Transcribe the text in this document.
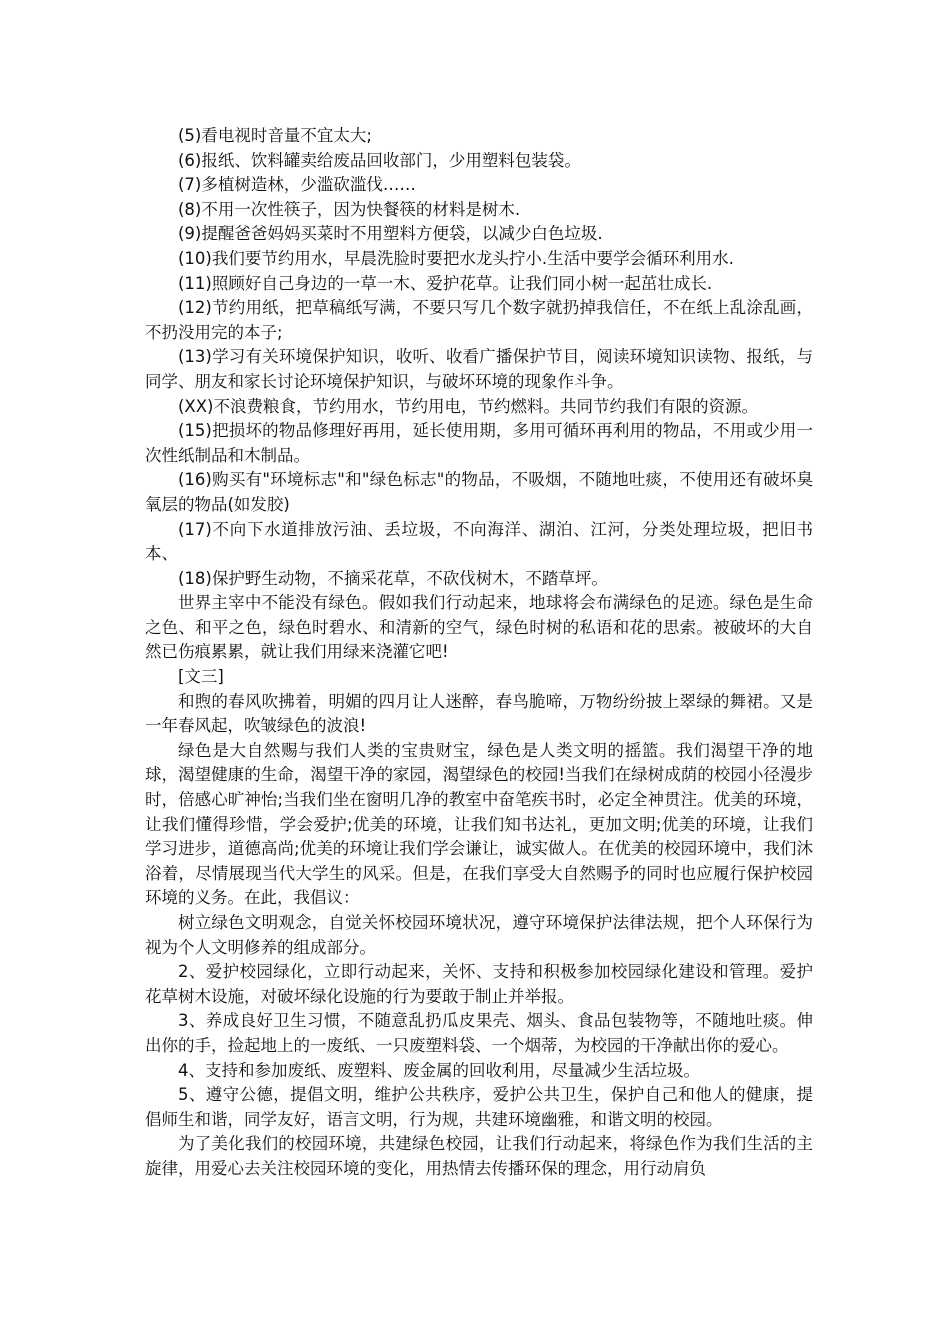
(5)看电视时音量不宜太大;

(6)报纸、饮料罐卖给废品回收部门，少用塑料包装袋。

(7)多植树造林，少滥砍滥伐……

(8)不用一次性筷子，因为快餐筷的材料是树木.

(9)提醒爸爸妈妈买菜时不用塑料方便袋，以减少白色垃圾.

(10)我们要节约用水，早晨洗脸时要把水龙头拧小.生活中要学会循环利用水.

(11)照顾好自己身边的一草一木、爱护花草。让我们同小树一起茁壮成长.

(12)节约用纸，把草稿纸写满，不要只写几个数字就扔掉我信任，不在纸上乱涂乱画，不扔没用完的本子;

(13)学习有关环境保护知识，收听、收看广播保护节目，阅读环境知识读物、报纸，与同学、朋友和家长讨论环境保护知识，与破坏环境的现象作斗争。

(XX)不浪费粮食，节约用水，节约用电，节约燃料。共同节约我们有限的资源。

(15)把损坏的物品修理好再用，延长使用期，多用可循环再利用的物品，不用或少用一次性纸制品和木制品。

(16)购买有"环境标志"和"绿色标志"的物品，不吸烟，不随地吐痰，不使用还有破坏臭氧层的物品(如发胶)

(17)不向下水道排放污油、丢垃圾，不向海洋、湖泊、江河，分类处理垃圾，把旧书本、

(18)保护野生动物，不摘采花草，不砍伐树木，不踏草坪。

世界主宰中不能没有绿色。假如我们行动起来，地球将会布满绿色的足迹。绿色是生命之色、和平之色，绿色时碧水、和清新的空气，绿色时树的私语和花的思索。被破坏的大自然已伤痕累累，就让我们用绿来浇灌它吧!

[文三]

和煦的春风吹拂着，明媚的四月让人迷醉，春鸟脆啼，万物纷纷披上翠绿的舞裙。又是一年春风起，吹皱绿色的波浪!

绿色是大自然赐与我们人类的宝贵财宝，绿色是人类文明的摇篮。我们渴望干净的地球，渴望健康的生命，渴望干净的家园，渴望绿色的校园!当我们在绿树成荫的校园小径漫步时，倍感心旷神怡;当我们坐在窗明几净的教室中奋笔疾书时，必定全神贯注。优美的环境，让我们懂得珍惜，学会爱护;优美的环境，让我们知书达礼，更加文明;优美的环境，让我们学习进步，道德高尚;优美的环境让我们学会谦让，诚实做人。在优美的校园环境中，我们沐浴着，尽情展现当代大学生的风采。但是，在我们享受大自然赐予的同时也应履行保护校园环境的义务。在此，我倡议：

树立绿色文明观念，自觉关怀校园环境状况，遵守环境保护法律法规，把个人环保行为视为个人文明修养的组成部分。

2、爱护校园绿化，立即行动起来，关怀、支持和积极参加校园绿化建设和管理。爱护花草树木设施，对破坏绿化设施的行为要敢于制止并举报。

3、养成良好卫生习惯，不随意乱扔瓜皮果壳、烟头、食品包装物等，不随地吐痰。伸出你的手，捡起地上的一废纸、一只废塑料袋、一个烟蒂，为校园的干净献出你的爱心。

4、支持和参加废纸、废塑料、废金属的回收利用，尽量减少生活垃圾。

5、遵守公德，提倡文明，维护公共秩序，爱护公共卫生，保护自己和他人的健康，提倡师生和谐，同学友好，语言文明，行为规，共建环境幽雅，和谐文明的校园。

为了美化我们的校园环境，共建绿色校园，让我们行动起来，将绿色作为我们生活的主旋律，用爱心去关注校园环境的变化，用热情去传播环保的理念，用行动肩负
